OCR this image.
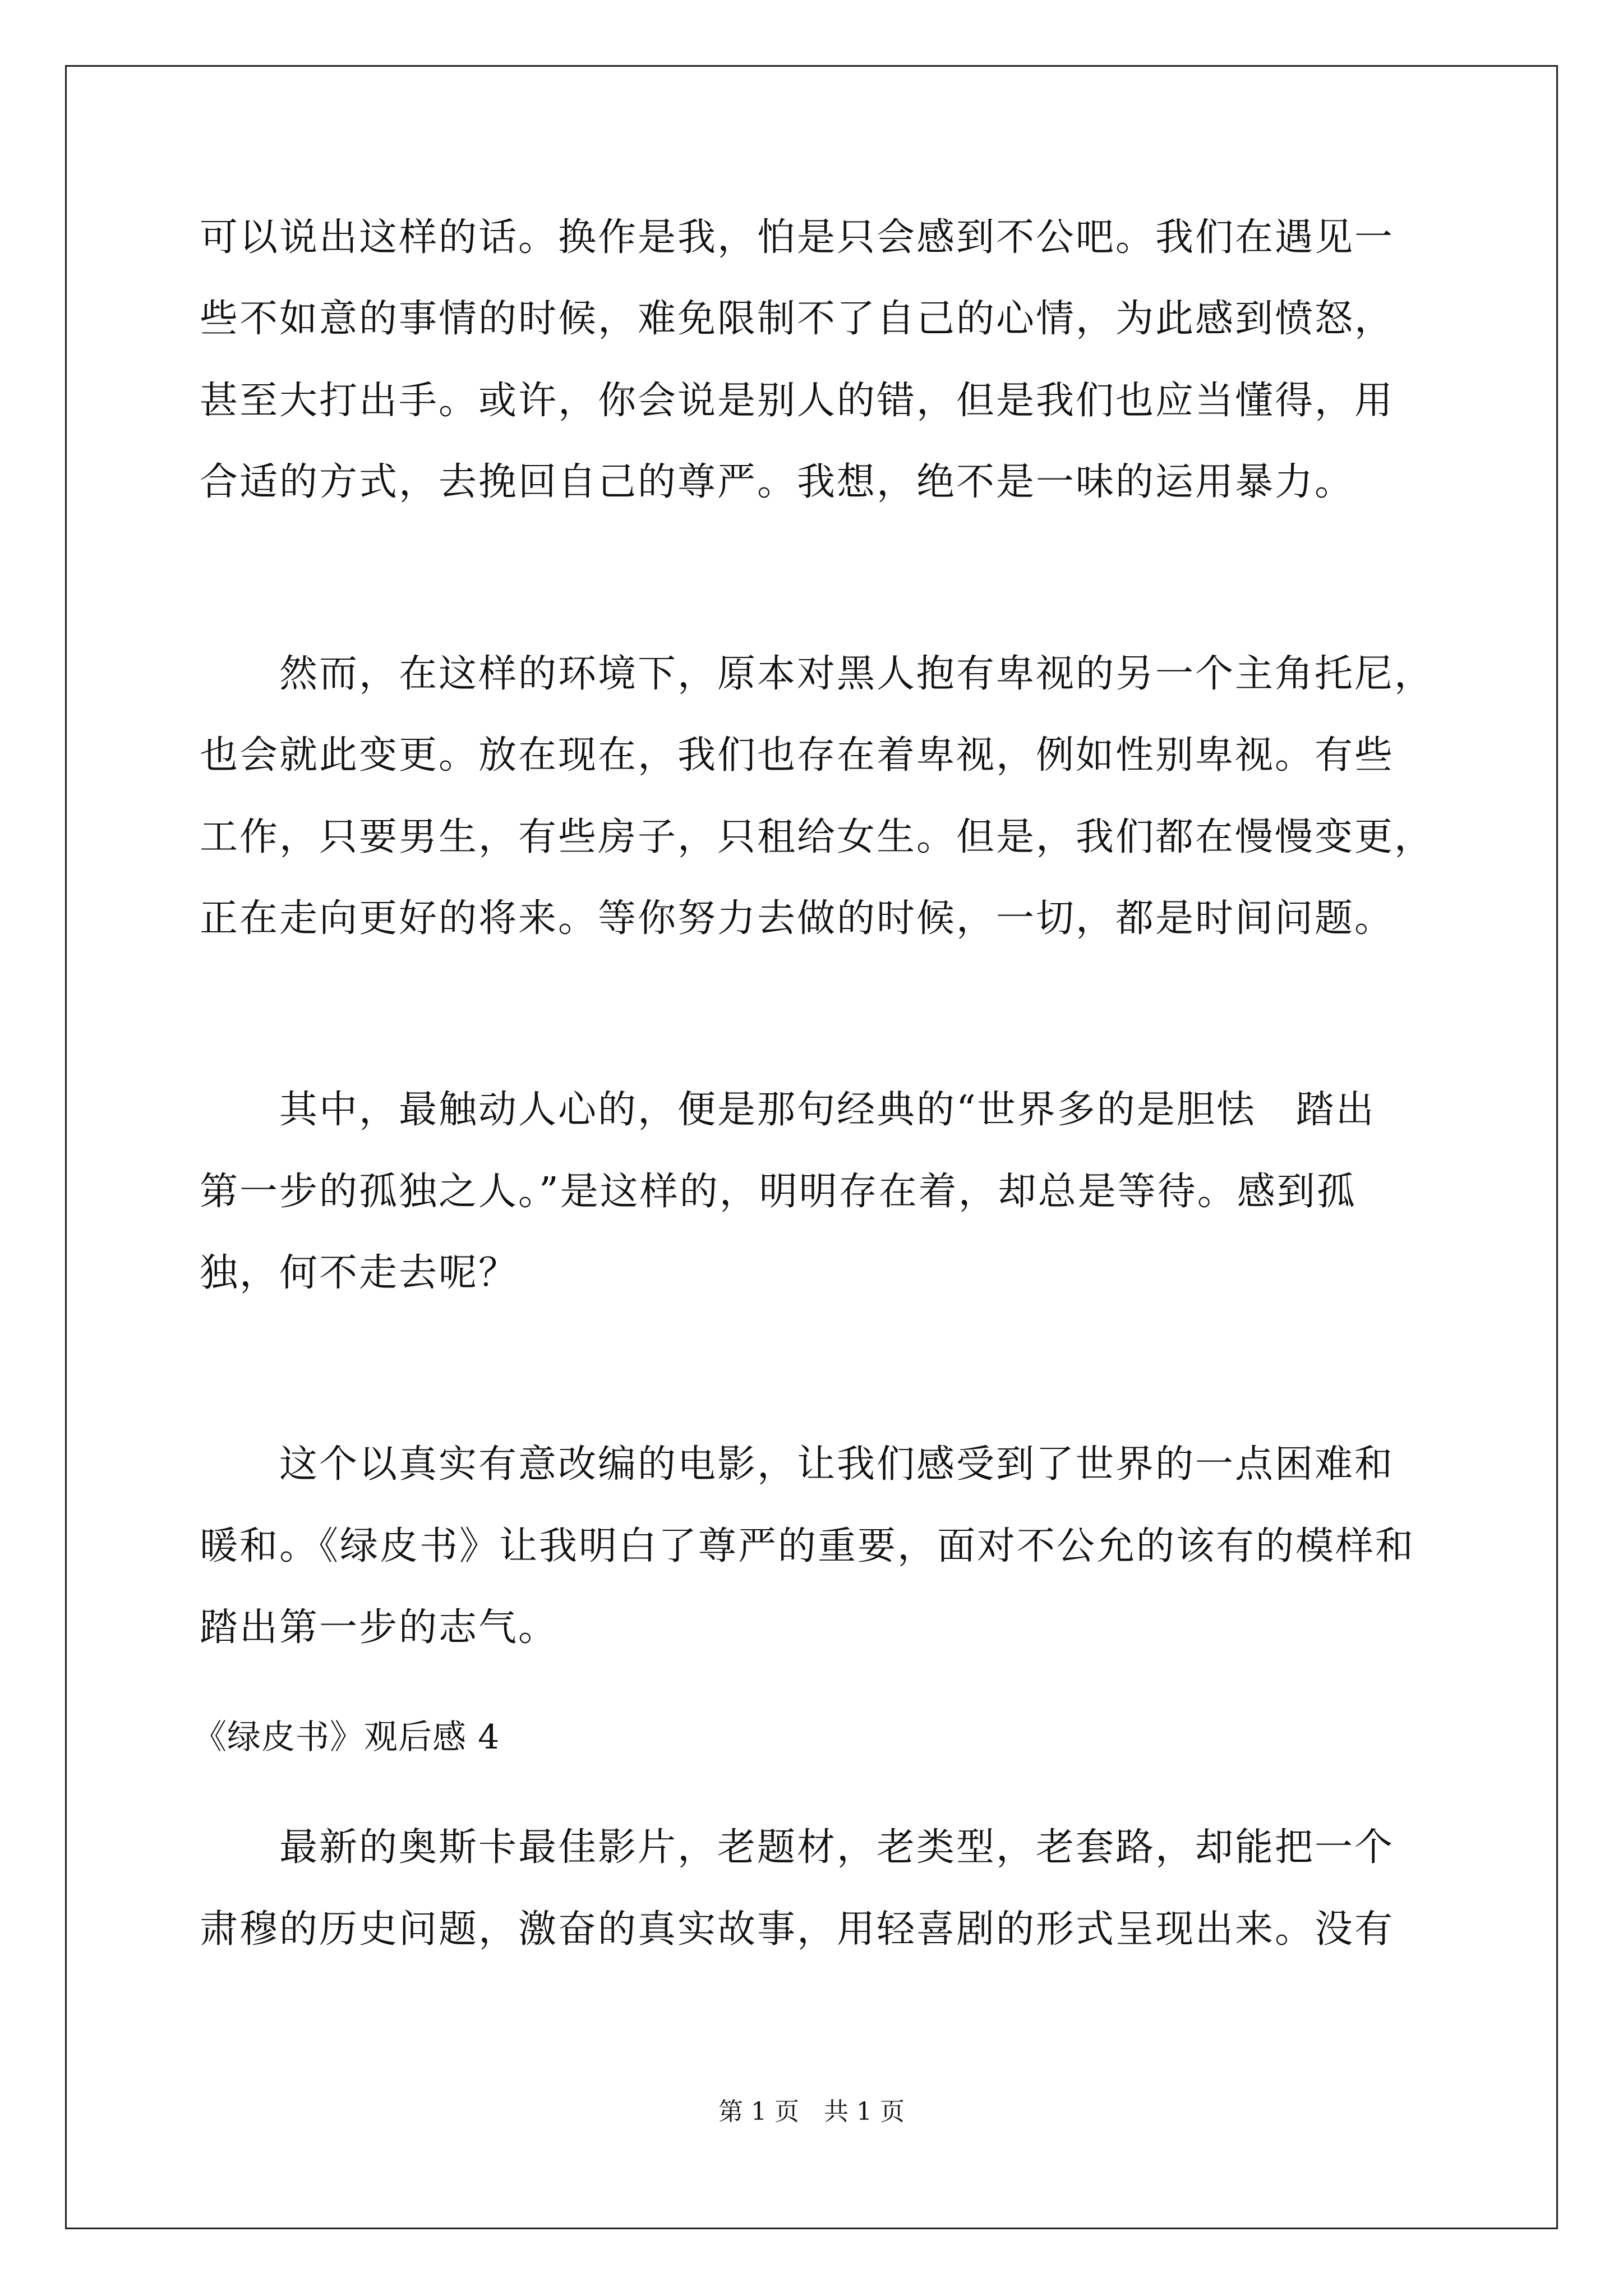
可以说出这样的话。换作是我，怕是只会感到不公吧。我们在遇见一
些不如意的事情的时候，难免限制不了自己的心情，为此感到愤怒，
甚至大打出手。或许，你会说是别人的错，但是我们也应当懂得，用
合适的方式，去挽回自己的尊严。我想，绝不是一味的运用暴力。
　　然而，在这样的环境下，原本对黑人抱有卑视的另一个主角托尼，
也会就此变更。放在现在，我们也存在着卑视，例如性别卑视。有些
工作，只要男生，有些房子，只租给女生。但是，我们都在慢慢变更，
正在走向更好的将来。等你努力去做的时候，一切，都是时间问题。
　　其中，最触动人心的，便是那句经典的“世界多的是胆怯　踏出
第一步的孤独之人。”是这样的，明明存在着，却总是等待。感到孤
独，何不走去呢？
　　这个以真实有意改编的电影，让我们感受到了世界的一点困难和
暖和。《绿皮书》让我明白了尊严的重要，面对不公允的该有的模样和
踏出第一步的志气。
《绿皮书》观后感 4
　　最新的奥斯卡最佳影片，老题材，老类型，老套路，却能把一个
肃穆的历史问题，激奋的真实故事，用轻喜剧的形式呈现出来。没有
第 1 页　共 1 页
